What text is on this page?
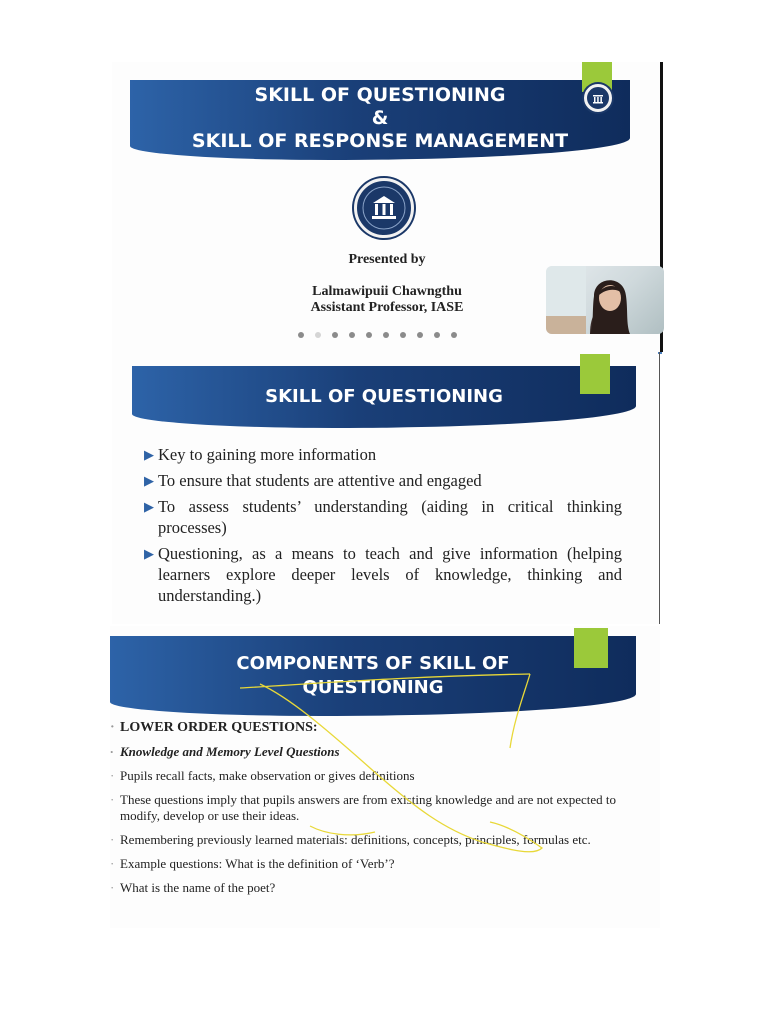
SKILL OF QUESTIONING
&
SKILL OF RESPONSE MANAGEMENT
Presented by
Lalmawipuii Chawngthu
Assistant Professor, IASE
SKILL OF QUESTIONING
▶ Key to gaining more information
▶ To ensure that students are attentive and engaged
▶ To assess students’ understanding (aiding in critical thinking processes)
▶ Questioning, as a means to teach and give information (helping learners explore deeper levels of knowledge, thinking and understanding.)
COMPONENTS OF SKILL OF
QUESTIONING
· LOWER ORDER QUESTIONS:
· Knowledge and Memory Level Questions
· Pupils recall facts, make observation or gives definitions
· These questions imply that pupils answers are from existing knowledge and are not expected to modify, develop or use their ideas.
· Remembering previously learned materials: definitions, concepts, principles, formulas etc.
· Example questions: What is the definition of ‘Verb’?
· What is the name of the poet?
